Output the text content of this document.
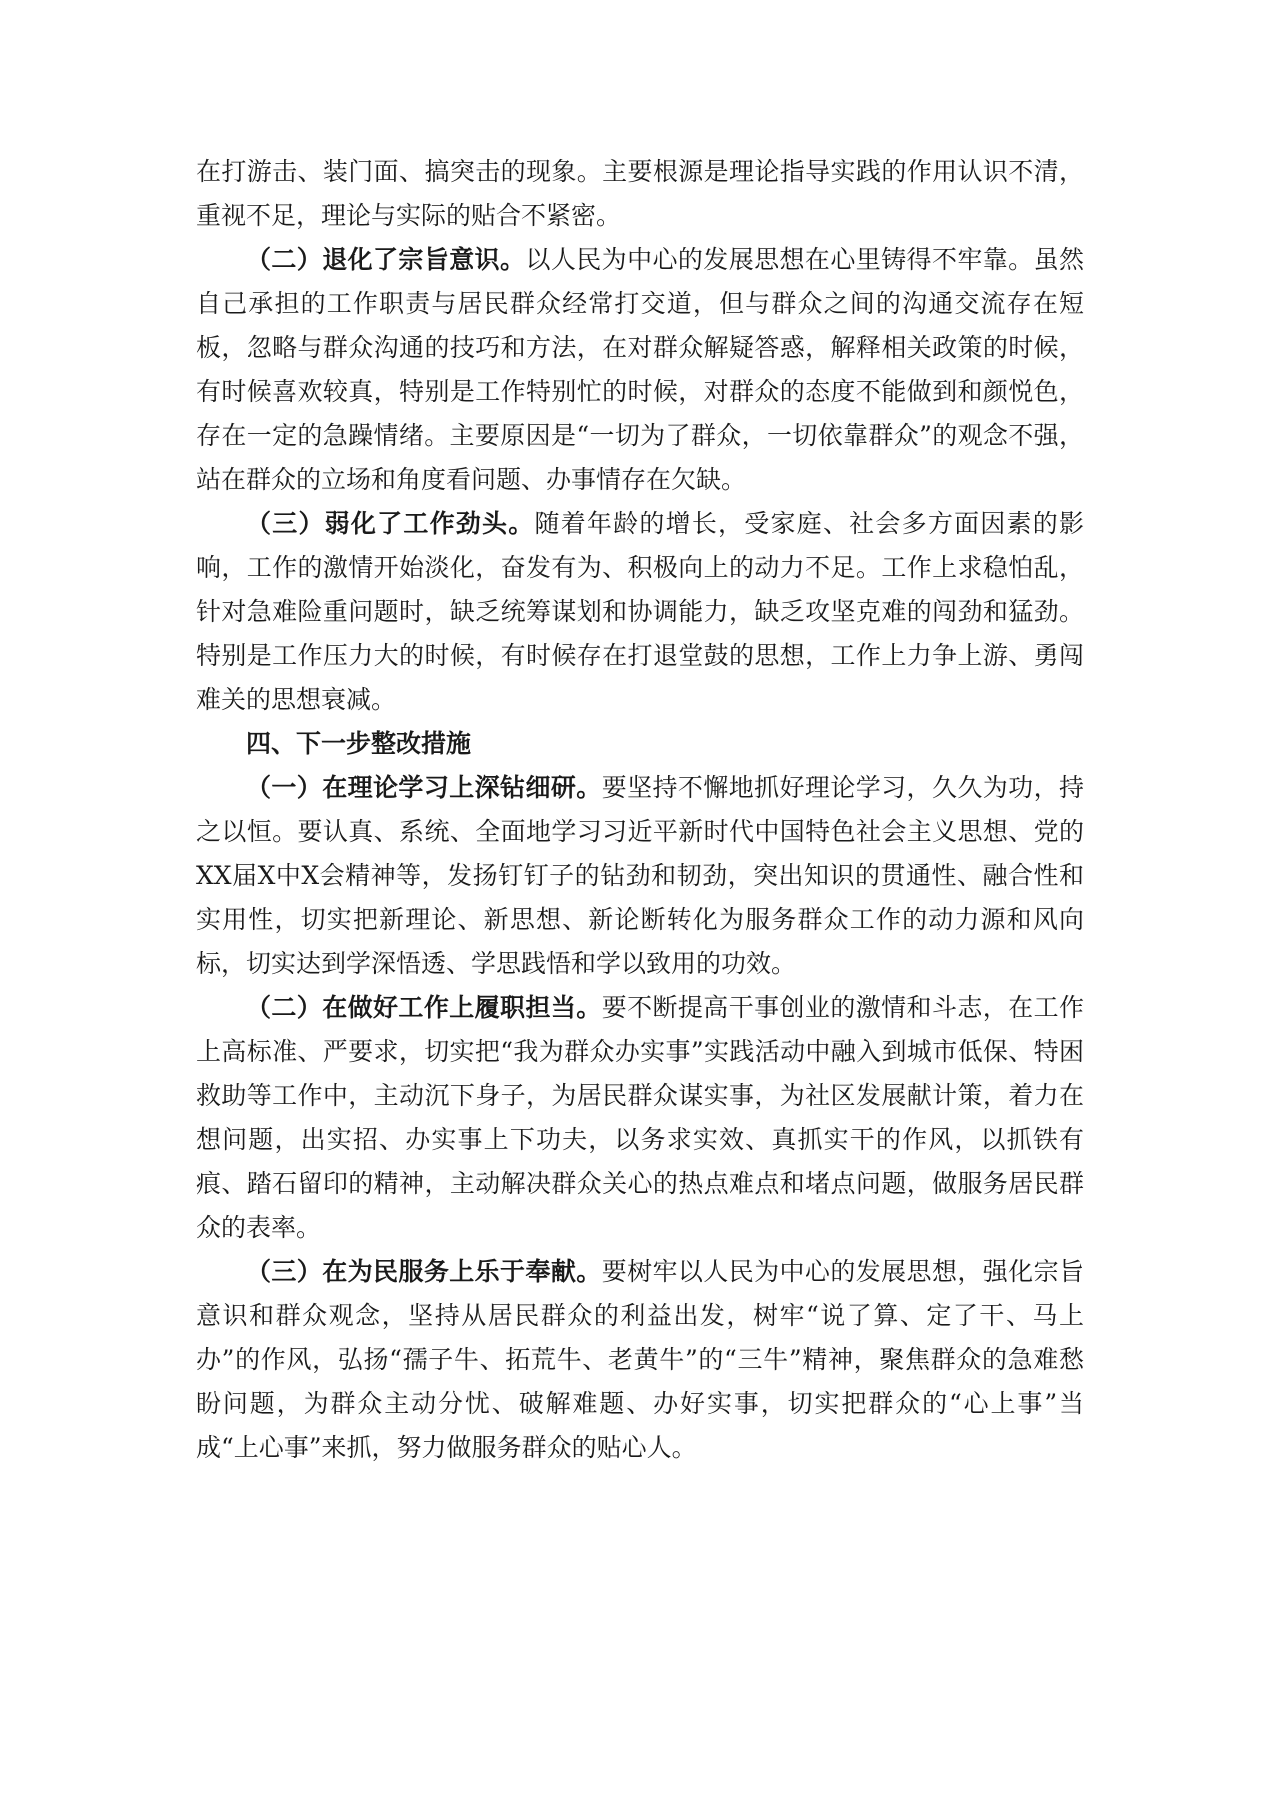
在打游击、装门面、搞突击的现象。主要根源是理论指导实践的作用认识不清，重视不足，理论与实际的贴合不紧密。

（二）退化了宗旨意识。以人民为中心的发展思想在心里铸得不牢靠。虽然自己承担的工作职责与居民群众经常打交道，但与群众之间的沟通交流存在短板，忽略与群众沟通的技巧和方法，在对群众解疑答惑，解释相关政策的时候，有时候喜欢较真，特别是工作特别忙的时候，对群众的态度不能做到和颜悦色，存在一定的急躁情绪。主要原因是“一切为了群众，一切依靠群众”的观念不强，站在群众的立场和角度看问题、办事情存在欠缺。

（三）弱化了工作劲头。随着年龄的增长，受家庭、社会多方面因素的影响，工作的激情开始淡化，奋发有为、积极向上的动力不足。工作上求稳怕乱，针对急难险重问题时，缺乏统筹谋划和协调能力，缺乏攻坚克难的闯劲和猛劲。特别是工作压力大的时候，有时候存在打退堂鼓的思想，工作上力争上游、勇闯难关的思想衰减。

四、下一步整改措施

（一）在理论学习上深钻细研。要坚持不懈地抓好理论学习，久久为功，持之以恒。要认真、系统、全面地学习习近平新时代中国特色社会主义思想、党的XX届X中X会精神等，发扬钉钉子的钻劲和韧劲，突出知识的贯通性、融合性和实用性，切实把新理论、新思想、新论断转化为服务群众工作的动力源和风向标，切实达到学深悟透、学思践悟和学以致用的功效。

（二）在做好工作上履职担当。要不断提高干事创业的激情和斗志，在工作上高标准、严要求，切实把“我为群众办实事”实践活动中融入到城市低保、特困救助等工作中，主动沉下身子，为居民群众谋实事，为社区发展献计策，着力在想问题，出实招、办实事上下功夫，以务求实效、真抓实干的作风，以抓铁有痕、踏石留印的精神，主动解决群众关心的热点难点和堵点问题，做服务居民群众的表率。

（三）在为民服务上乐于奉献。要树牢以人民为中心的发展思想，强化宗旨意识和群众观念，坚持从居民群众的利益出发，树牢“说了算、定了干、马上办”的作风，弘扬“孺子牛、拓荒牛、老黄牛”的“三牛”精神，聚焦群众的急难愁盼问题，为群众主动分忧、破解难题、办好实事，切实把群众的“心上事”当成“上心事”来抓，努力做服务群众的贴心人。
